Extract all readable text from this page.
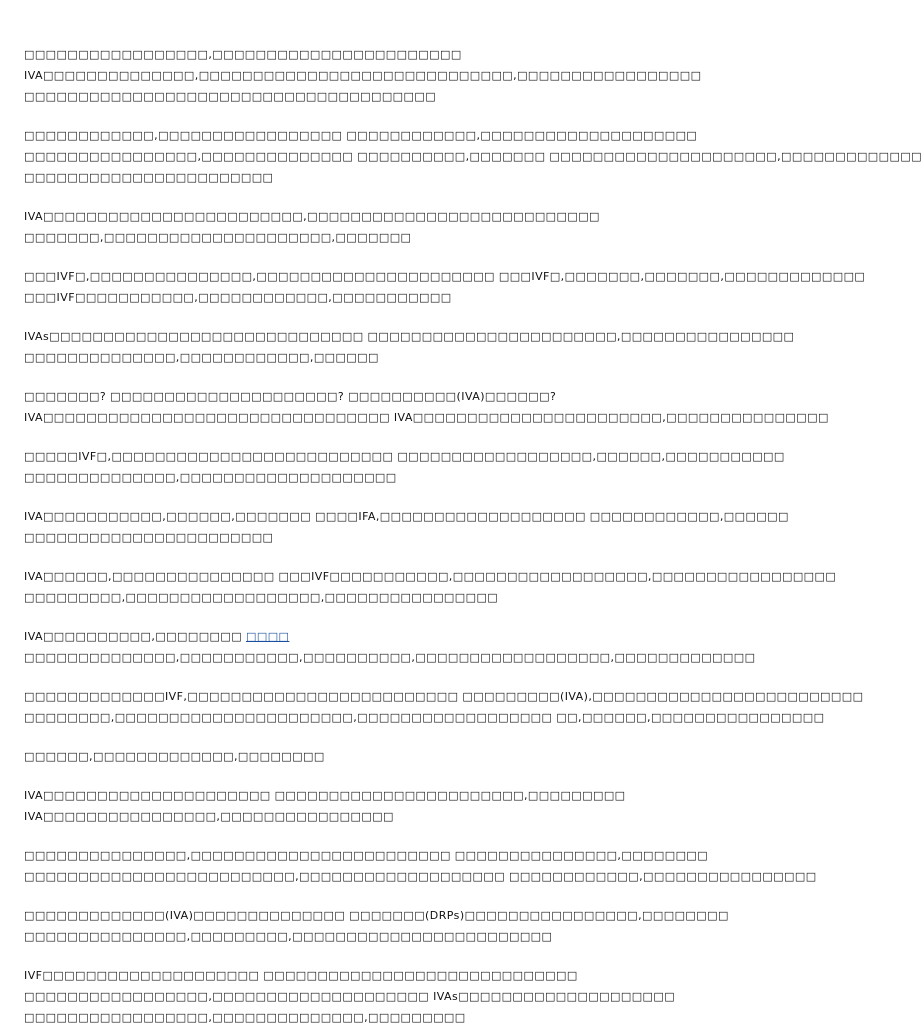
□□□□□□□□□□□□□□□□□,□□□□□□□□□□□□□□□□□□□□□□□
IVA□□□□□□□□□□□□□□,□□□□□□□□□□□□□□□□□□□□□□□□□□□□□,□□□□□□□□□□□□□□□□□
□□□□□□□□□□□□□□□□□□□□□□□□□□□□□□□□□□□□□□
□□□□□□□□□□□□,□□□□□□□□□□□□□□□□□ □□□□□□□□□□□□,□□□□□□□□□□□□□□□□□□□□
□□□□□□□□□□□□□□□□,□□□□□□□□□□□□□□ □□□□□□□□□□,□□□□□□□ □□□□□□□□□□□□□□□□□□□□□,□□□□□□□□□□□□□
□□□□□□□□□□□□□□□□□□□□□□□
IVA□□□□□□□□□□□□□□□□□□□□□□□□,□□□□□□□□□□□□□□□□□□□□□□□□□□□
□□□□□□□,□□□□□□□□□□□□□□□□□□□□□,□□□□□□□
□□□IVF□,□□□□□□□□□□□□□□□,□□□□□□□□□□□□□□□□□□□□□□ □□□IVF□,□□□□□□□,□□□□□□□,□□□□□□□□□□□□□
□□□IVF□□□□□□□□□□□,□□□□□□□□□□□□,□□□□□□□□□□□
IVAs□□□□□□□□□□□□□□□□□□□□□□□□□□□□□ □□□□□□□□□□□□□□□□□□□□□□□,□□□□□□□□□□□□□□□□
□□□□□□□□□□□□□□,□□□□□□□□□□□□,□□□□□□
□□□□□□□? □□□□□□□□□□□□□□□□□□□□□? □□□□□□□□□□(IVA)□□□□□□?
IVA□□□□□□□□□□□□□□□□□□□□□□□□□□□□□□□□ IVA□□□□□□□□□□□□□□□□□□□□□□□,□□□□□□□□□□□□□□□
□□□□□IVF□,□□□□□□□□□□□□□□□□□□□□□□□□□□ □□□□□□□□□□□□□□□□□□,□□□□□□,□□□□□□□□□□□
□□□□□□□□□□□□□□,□□□□□□□□□□□□□□□□□□□□
IVA□□□□□□□□□□□,□□□□□□,□□□□□□□ □□□□IFA,□□□□□□□□□□□□□□□□□□□ □□□□□□□□□□□□,□□□□□□
□□□□□□□□□□□□□□□□□□□□□□□
IVA□□□□□□,□□□□□□□□□□□□□□□ □□□IVF□□□□□□□□□□□,□□□□□□□□□□□□□□□□□□,□□□□□□□□□□□□□□□□□
□□□□□□□□□,□□□□□□□□□□□□□□□□□□,□□□□□□□□□□□□□□□□
IVA□□□□□□□□□□,□□□□□□□□ □□□□
□□□□□□□□□□□□□□,□□□□□□□□□□□,□□□□□□□□□□,□□□□□□□□□□□□□□□□□□,□□□□□□□□□□□□□
□□□□□□□□□□□□□IVF,□□□□□□□□□□□□□□□□□□□□□□□□□ □□□□□□□□□(IVA),□□□□□□□□□□□□□□□□□□□□□□□□□
□□□□□□□□,□□□□□□□□□□□□□□□□□□□□□□,□□□□□□□□□□□□□□□□□□ □□,□□□□□□,□□□□□□□□□□□□□□□□
□□□□□□,□□□□□□□□□□□□□,□□□□□□□□
IVA□□□□□□□□□□□□□□□□□□□□□ □□□□□□□□□□□□□□□□□□□□□□□,□□□□□□□□□
IVA□□□□□□□□□□□□□□□□,□□□□□□□□□□□□□□□□
□□□□□□□□□□□□□□□,□□□□□□□□□□□□□□□□□□□□□□□□ □□□□□□□□□□□□□□□,□□□□□□□□
□□□□□□□□□□□□□□□□□□□□□□□□□,□□□□□□□□□□□□□□□□□□□ □□□□□□□□□□□□,□□□□□□□□□□□□□□□□
□□□□□□□□□□□□□(IVA)□□□□□□□□□□□□□□ □□□□□□□(DRPs)□□□□□□□□□□□□□□□□,□□□□□□□□
□□□□□□□□□□□□□□□,□□□□□□□□□,□□□□□□□□□□□□□□□□□□□□□□□□
IVF□□□□□□□□□□□□□□□□□□□□ □□□□□□□□□□□□□□□□□□□□□□□□□□□□□
□□□□□□□□□□□□□□□□□,□□□□□□□□□□□□□□□□□□□□ IVAs□□□□□□□□□□□□□□□□□□□□
□□□□□□□□□□□□□□□□□,□□□□□□□□□□□□□□,□□□□□□□□□
